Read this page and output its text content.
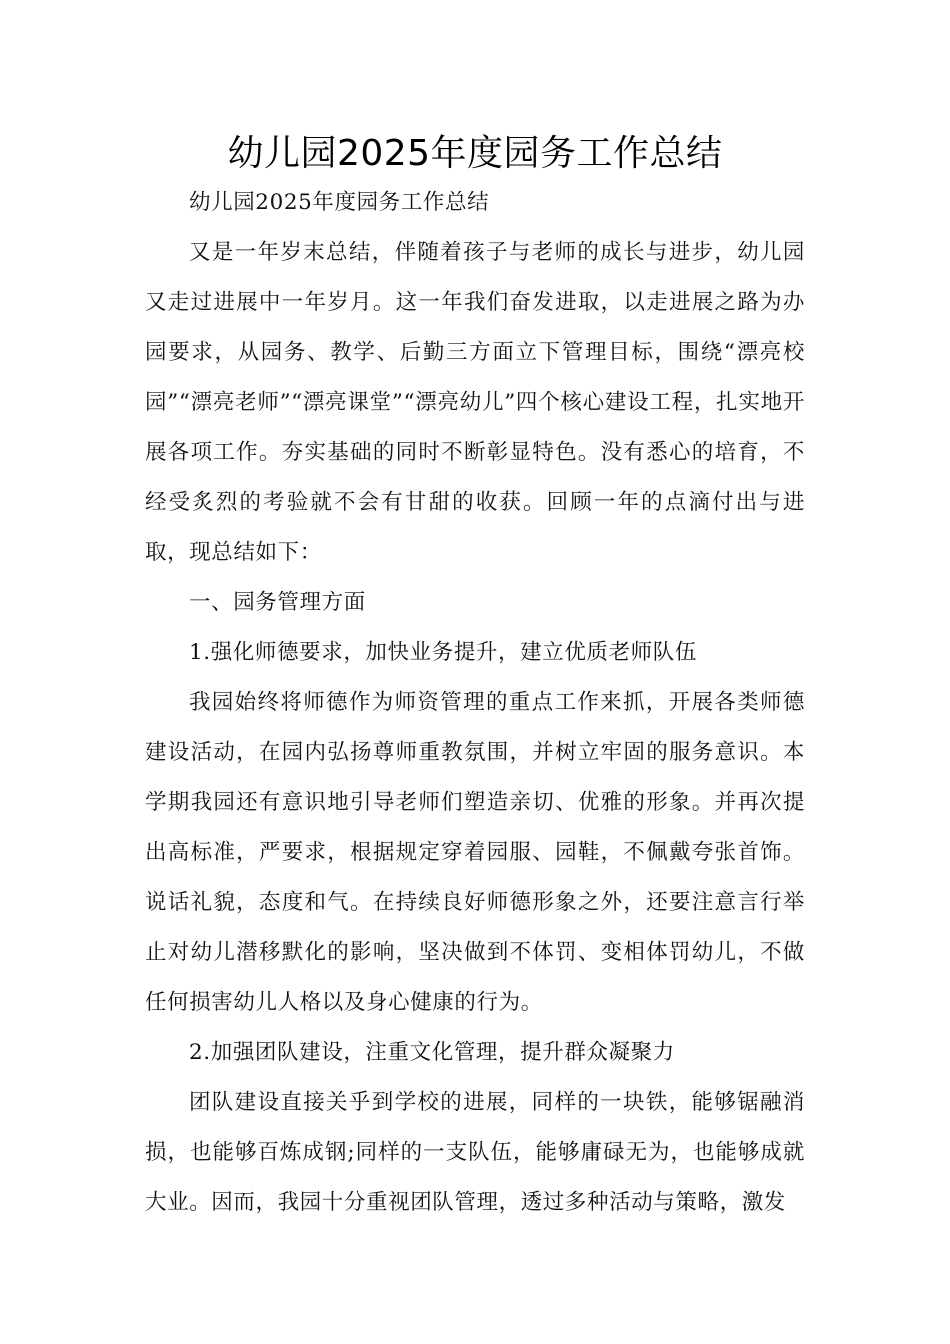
幼儿园2025年度园务工作总结

幼儿园2025年度园务工作总结

又是一年岁末总结，伴随着孩子与老师的成长与进步，幼儿园又走过进展中一年岁月。这一年我们奋发进取，以走进展之路为办园要求，从园务、教学、后勤三方面立下管理目标，围绕“漂亮校园”“漂亮老师”“漂亮课堂”“漂亮幼儿”四个核心建设工程，扎实地开展各项工作。夯实基础的同时不断彰显特色。没有悉心的培育，不经受炙烈的考验就不会有甘甜的收获。回顾一年的点滴付出与进取，现总结如下：

一、园务管理方面

1.强化师德要求，加快业务提升，建立优质老师队伍

我园始终将师德作为师资管理的重点工作来抓，开展各类师德建设活动，在园内弘扬尊师重教氛围，并树立牢固的服务意识。本学期我园还有意识地引导老师们塑造亲切、优雅的形象。并再次提出高标准，严要求，根据规定穿着园服、园鞋，不佩戴夸张首饰。说话礼貌，态度和气。在持续良好师德形象之外，还要注意言行举止对幼儿潜移默化的影响，坚决做到不体罚、变相体罚幼儿，不做任何损害幼儿人格以及身心健康的行为。

2.加强团队建设，注重文化管理，提升群众凝聚力

团队建设直接关乎到学校的进展，同样的一块铁，能够锯融消损，也能够百炼成钢;同样的一支队伍，能够庸碌无为，也能够成就大业。因而，我园十分重视团队管理，透过多种活动与策略，激发
